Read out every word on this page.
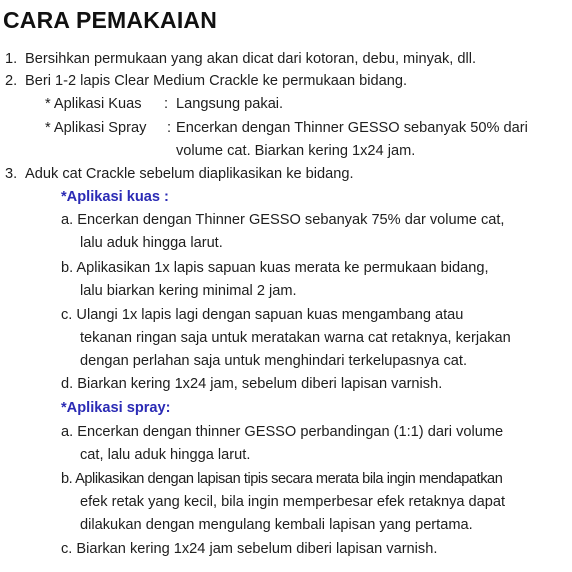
CARA PEMAKAIAN
1. Bersihkan permukaan yang akan dicat dari kotoran, debu, minyak, dll.
2. Beri 1-2 lapis Clear Medium Crackle ke permukaan bidang.
* Aplikasi Kuas : Langsung pakai.
* Aplikasi Spray : Encerkan dengan Thinner GESSO sebanyak 50% dari
volume cat. Biarkan kering 1x24 jam.
3. Aduk cat Crackle sebelum diaplikasikan ke bidang.
*Aplikasi kuas :
a. Encerkan dengan Thinner GESSO sebanyak 75% dar volume cat,
lalu aduk hingga larut.
b. Aplikasikan 1x lapis sapuan kuas merata ke permukaan bidang,
lalu biarkan kering minimal 2 jam.
c. Ulangi 1x lapis lagi dengan sapuan kuas mengambang atau
tekanan ringan saja untuk meratakan warna cat retaknya, kerjakan
dengan perlahan saja untuk menghindari terkelupasnya cat.
d. Biarkan kering 1x24 jam, sebelum diberi lapisan varnish.
*Aplikasi spray:
a. Encerkan dengan thinner GESSO perbandingan (1:1) dari volume
cat, lalu aduk hingga larut.
b. Aplikasikan dengan lapisan tipis secara merata bila ingin mendapatkan
efek retak yang kecil, bila ingin memperbesar efek retaknya dapat
dilakukan dengan mengulang kembali lapisan yang pertama.
c. Biarkan kering 1x24 jam sebelum diberi lapisan varnish.
